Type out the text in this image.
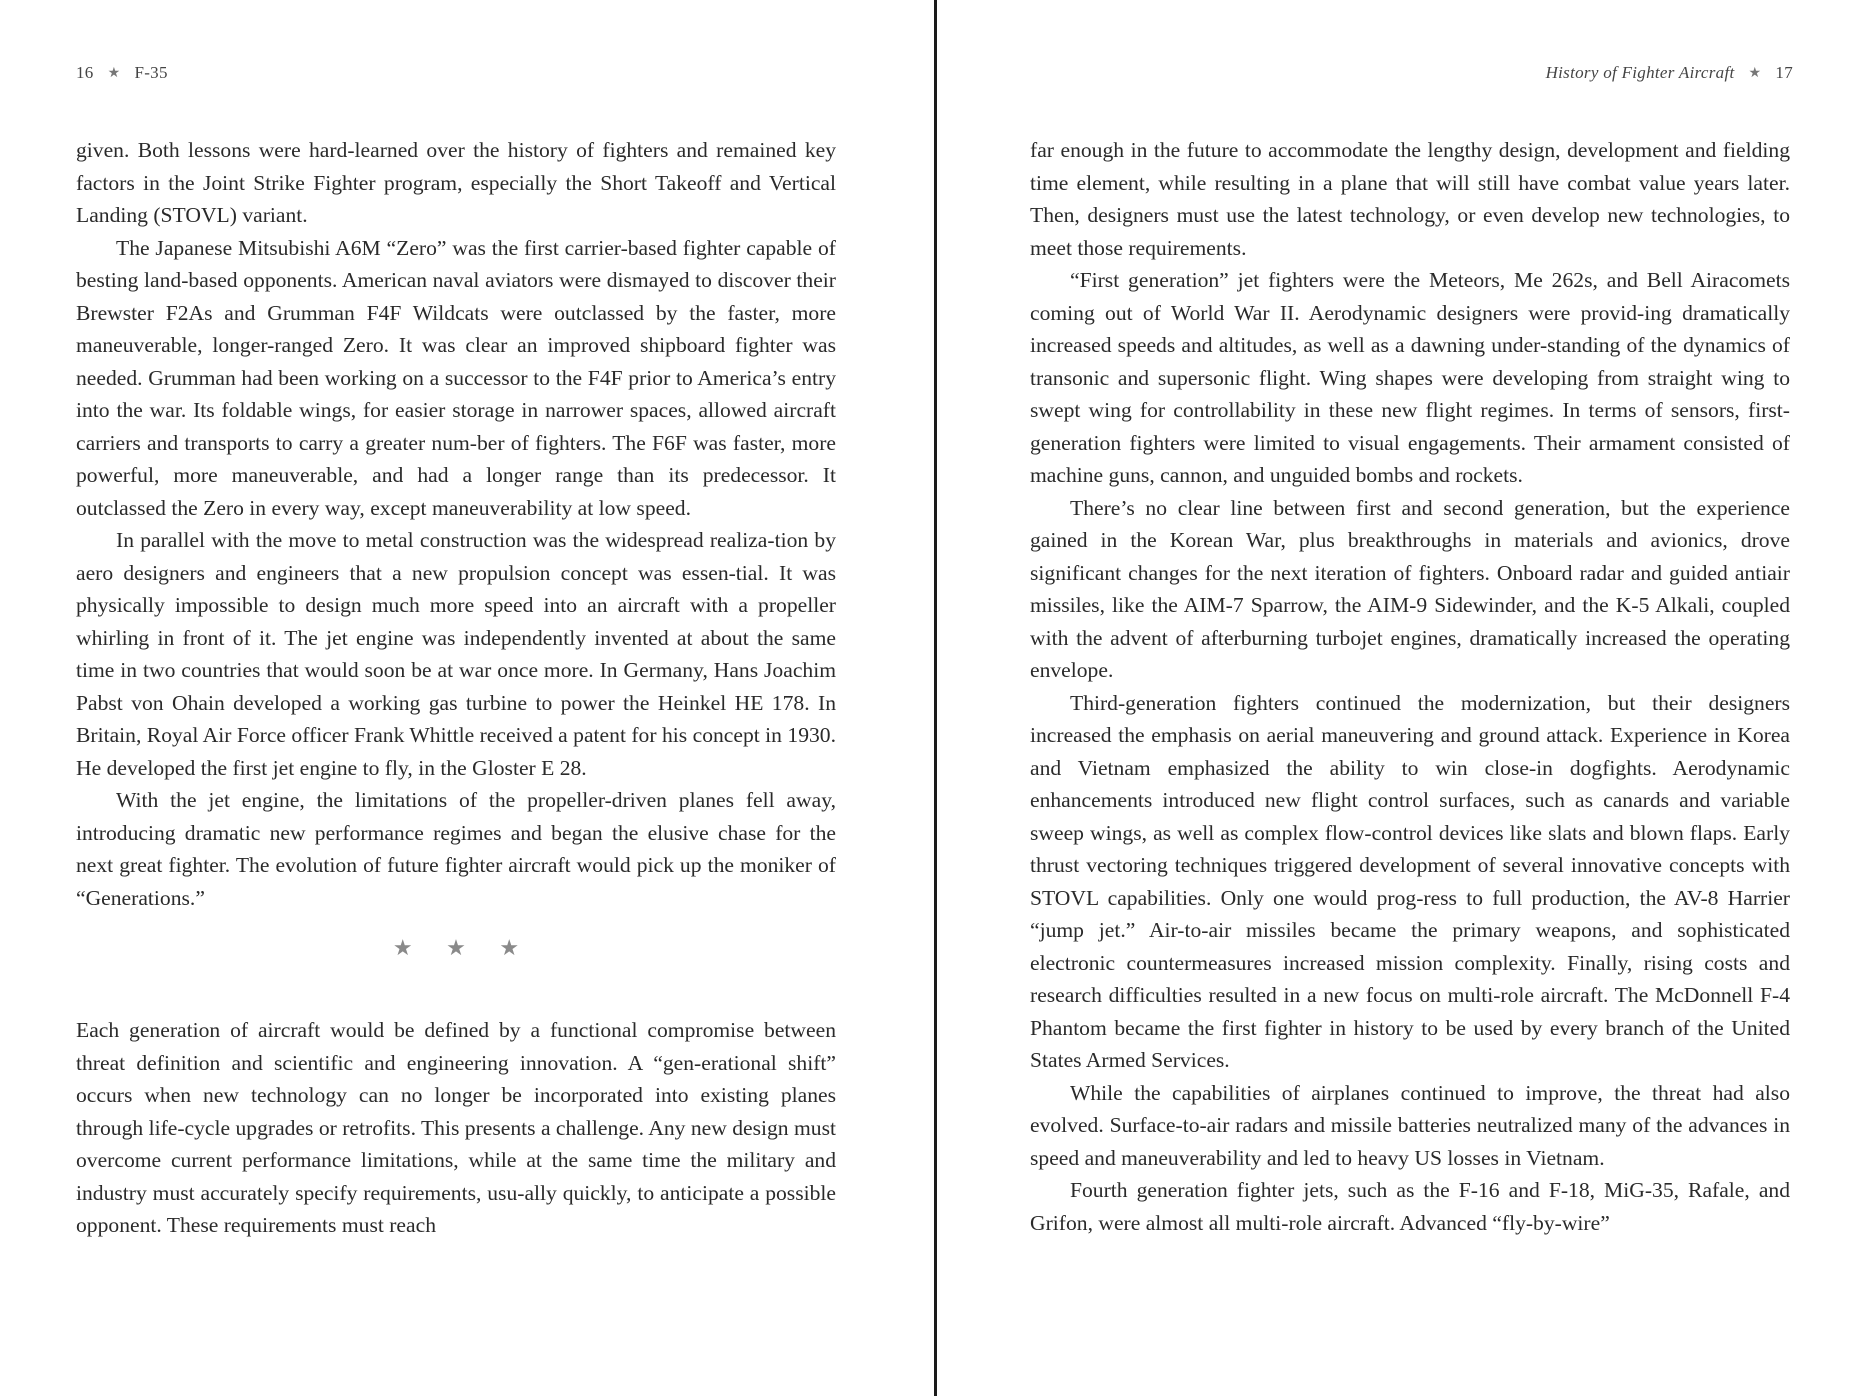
16 ★ F-35

given. Both lessons were hard-learned over the history of fighters and remained key factors in the Joint Strike Fighter program, especially the Short Takeoff and Vertical Landing (STOVL) variant.

The Japanese Mitsubishi A6M “Zero” was the first carrier-based fighter capable of besting land-based opponents. American naval aviators were dismayed to discover their Brewster F2As and Grumman F4F Wildcats were outclassed by the faster, more maneuverable, longer-ranged Zero. It was clear an improved shipboard fighter was needed. Grumman had been working on a successor to the F4F prior to America’s entry into the war. Its foldable wings, for easier storage in narrower spaces, allowed aircraft carriers and transports to carry a greater num-ber of fighters. The F6F was faster, more powerful, more maneuverable, and had a longer range than its predecessor. It outclassed the Zero in every way, except maneuverability at low speed.

In parallel with the move to metal construction was the widespread realiza-tion by aero designers and engineers that a new propulsion concept was essen-tial. It was physically impossible to design much more speed into an aircraft with a propeller whirling in front of it. The jet engine was independently invented at about the same time in two countries that would soon be at war once more. In Germany, Hans Joachim Pabst von Ohain developed a working gas turbine to power the Heinkel HE 178. In Britain, Royal Air Force officer Frank Whittle received a patent for his concept in 1930. He developed the first jet engine to fly, in the Gloster E 28.

With the jet engine, the limitations of the propeller-driven planes fell away, introducing dramatic new performance regimes and began the elusive chase for the next great fighter. The evolution of future fighter aircraft would pick up the moniker of “Generations.”

★ ★ ★

Each generation of aircraft would be defined by a functional compromise between threat definition and scientific and engineering innovation. A “gen-erational shift” occurs when new technology can no longer be incorporated into existing planes through life-cycle upgrades or retrofits. This presents a challenge. Any new design must overcome current performance limitations, while at the same time the military and industry must accurately specify requirements, usu-ally quickly, to anticipate a possible opponent. These requirements must reach

History of Fighter Aircraft ★ 17

far enough in the future to accommodate the lengthy design, development and fielding time element, while resulting in a plane that will still have combat value years later. Then, designers must use the latest technology, or even develop new technologies, to meet those requirements.

“First generation” jet fighters were the Meteors, Me 262s, and Bell Airacomets coming out of World War II. Aerodynamic designers were provid-ing dramatically increased speeds and altitudes, as well as a dawning under-standing of the dynamics of transonic and supersonic flight. Wing shapes were developing from straight wing to swept wing for controllability in these new flight regimes. In terms of sensors, first-generation fighters were limited to visual engagements. Their armament consisted of machine guns, cannon, and unguided bombs and rockets.

There’s no clear line between first and second generation, but the experience gained in the Korean War, plus breakthroughs in materials and avionics, drove significant changes for the next iteration of fighters. Onboard radar and guided antiair missiles, like the AIM-7 Sparrow, the AIM-9 Sidewinder, and the K-5 Alkali, coupled with the advent of afterburning turbojet engines, dramatically increased the operating envelope.

Third-generation fighters continued the modernization, but their designers increased the emphasis on aerial maneuvering and ground attack. Experience in Korea and Vietnam emphasized the ability to win close-in dogfights. Aerodynamic enhancements introduced new flight control surfaces, such as canards and variable sweep wings, as well as complex flow-control devices like slats and blown flaps. Early thrust vectoring techniques triggered development of several innovative concepts with STOVL capabilities. Only one would prog-ress to full production, the AV-8 Harrier “jump jet.” Air-to-air missiles became the primary weapons, and sophisticated electronic countermeasures increased mission complexity. Finally, rising costs and research difficulties resulted in a new focus on multi-role aircraft. The McDonnell F-4 Phantom became the first fighter in history to be used by every branch of the United States Armed Services.

While the capabilities of airplanes continued to improve, the threat had also evolved. Surface-to-air radars and missile batteries neutralized many of the advances in speed and maneuverability and led to heavy US losses in Vietnam.

Fourth generation fighter jets, such as the F-16 and F-18, MiG-35, Rafale, and Grifon, were almost all multi-role aircraft. Advanced “fly-by-wire”
